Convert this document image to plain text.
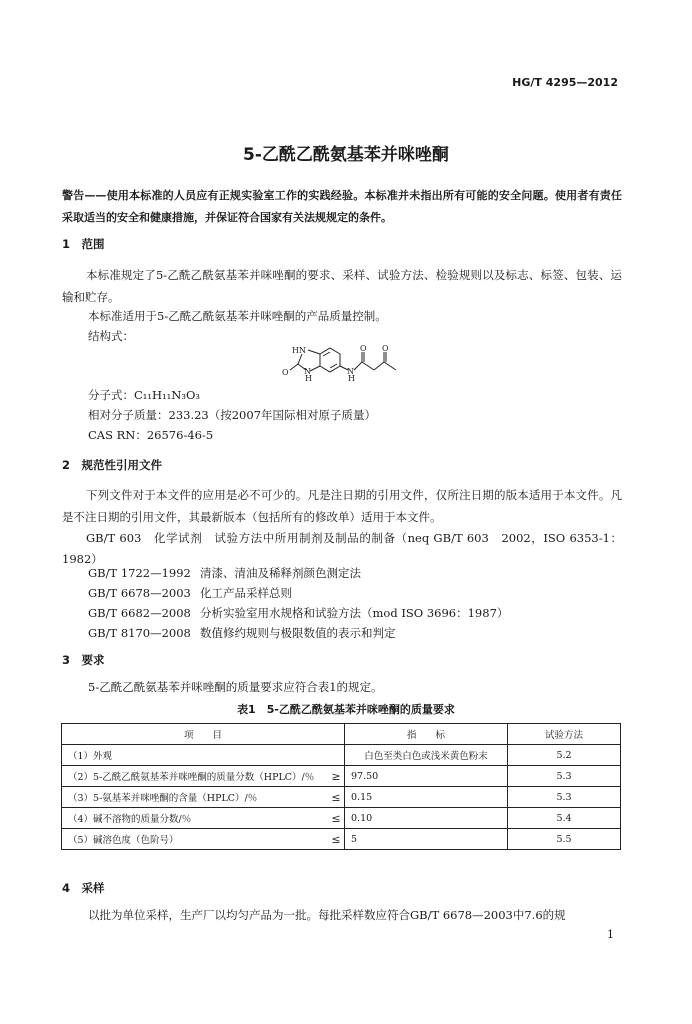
HG/T 4295—2012
5-乙酰乙酰氨基苯并咪唑酮
警告——使用本标准的人员应有正规实验室工作的实践经验。本标准并未指出所有可能的安全问题。使用者有责任采取适当的安全和健康措施，并保证符合国家有关法规规定的条件。
1　范围
本标准规定了5-乙酰乙酰氨基苯并咪唑酮的要求、采样、试验方法、检验规则以及标志、标签、包装、运输和贮存。
本标准适用于5-乙酰乙酰氨基苯并咪唑酮的产品质量控制。
结构式：
HN
O N
H
N
H
O O
分子式：C₁₁H₁₁N₃O₃
相对分子质量：233.23（按2007年国际相对原子质量）
CAS RN：26576-46-5
2　规范性引用文件
下列文件对于本文件的应用是必不可少的。凡是注日期的引用文件，仅所注日期的版本适用于本文件。凡是不注日期的引用文件，其最新版本（包括所有的修改单）适用于本文件。
GB/T 603　 化学试剂　试验方法中所用制剂及制品的制备（neq GB/T 603　2002，ISO 6353-1：1982）
GB/T 1722—1992 清漆、清油及稀释剂颜色测定法
GB/T 6678—2003 化工产品采样总则
GB/T 6682—2008 分析实验室用水规格和试验方法（mod ISO 3696：1987）
GB/T 8170—2008 数值修约规则与极限数值的表示和判定
3　要求
5-乙酰乙酰氨基苯并咪唑酮的质量要求应符合表1的规定。
表1　5-乙酰乙酰氨基苯并咪唑酮的质量要求
项　　目		指　　标	试验方法
（1）外观		白色至类白色或浅米黄色粉末	5.2
（2）5-乙酰乙酰氨基苯并咪唑酮的质量分数（HPLC）/％	≥	97.50	5.3
（3）5-氨基苯并咪唑酮的含量（HPLC）/％	≤	0.15	5.3
（4）碱不溶物的质量分数/％	≤	0.10	5.4
（5）碱溶色度（色阶号）	≤	5	5.5
4　采样
以批为单位采样，生产厂以均匀产品为一批。每批采样数应符合GB/T 6678—2003中7.6的规
1
